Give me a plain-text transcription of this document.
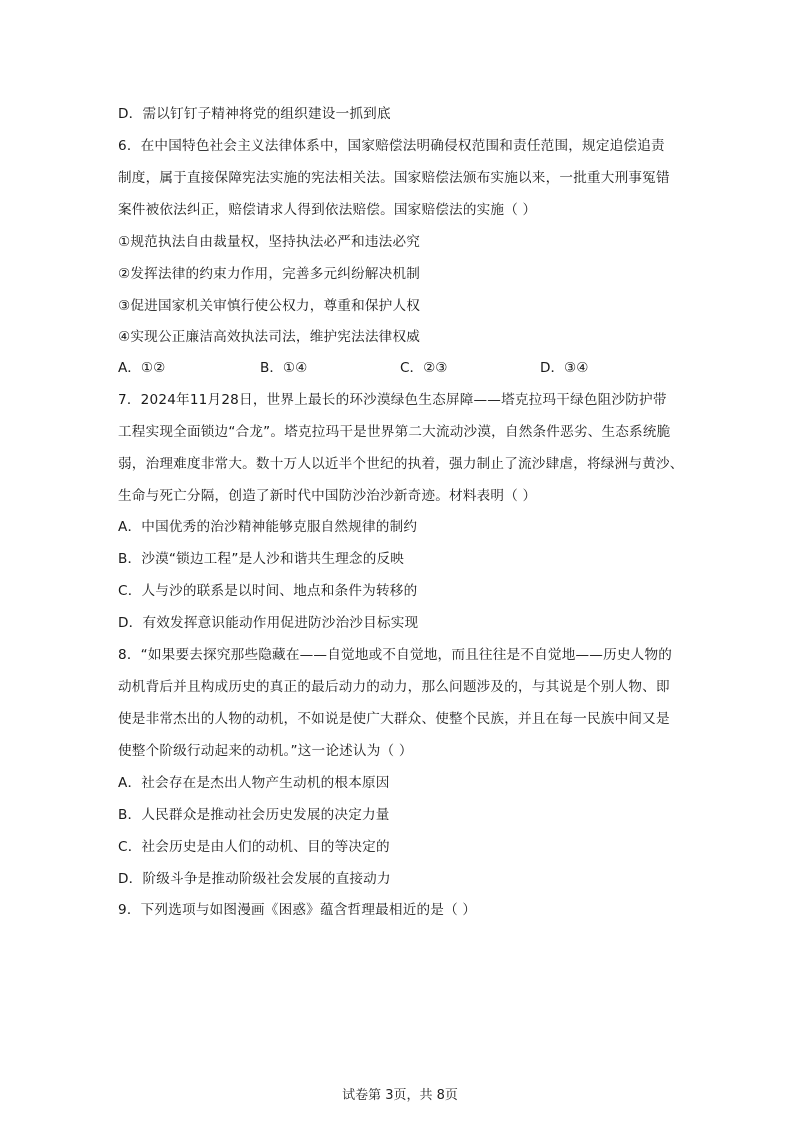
D．需以钉钉子精神将党的组织建设一抓到底
6．在中国特色社会主义法律体系中，国家赔偿法明确侵权范围和责任范围，规定追偿追责
制度，属于直接保障宪法实施的宪法相关法。国家赔偿法颁布实施以来，一批重大刑事冤错
案件被依法纠正，赔偿请求人得到依法赔偿。国家赔偿法的实施（ ）
①规范执法自由裁量权，坚持执法必严和违法必究
②发挥法律的约束力作用，完善多元纠纷解决机制
③促进国家机关审慎行使公权力，尊重和保护人权
④实现公正廉洁高效执法司法，维护宪法法律权威
A．①②	B．①④	C．②③	D．③④
7．2024年11月28日，世界上最长的环沙漠绿色生态屏障——塔克拉玛干绿色阻沙防护带
工程实现全面锁边“合龙”。塔克拉玛干是世界第二大流动沙漠，自然条件恶劣、生态系统脆
弱，治理难度非常大。数十万人以近半个世纪的执着，强力制止了流沙肆虐，将绿洲与黄沙、
生命与死亡分隔，创造了新时代中国防沙治沙新奇迹。材料表明（ ）
A．中国优秀的治沙精神能够克服自然规律的制约
B．沙漠“锁边工程”是人沙和谐共生理念的反映
C．人与沙的联系是以时间、地点和条件为转移的
D．有效发挥意识能动作用促进防沙治沙目标实现
8．“如果要去探究那些隐藏在——自觉地或不自觉地，而且往往是不自觉地——历史人物的
动机背后并且构成历史的真正的最后动力的动力，那么问题涉及的，与其说是个别人物、即
使是非常杰出的人物的动机，不如说是使广大群众、使整个民族，并且在每一民族中间又是
使整个阶级行动起来的动机。”这一论述认为（ ）
A．社会存在是杰出人物产生动机的根本原因
B．人民群众是推动社会历史发展的决定力量
C．社会历史是由人们的动机、目的等决定的
D．阶级斗争是推动阶级社会发展的直接动力
9．下列选项与如图漫画《困惑》蕴含哲理最相近的是（ ）
试卷第 3页，共 8页
